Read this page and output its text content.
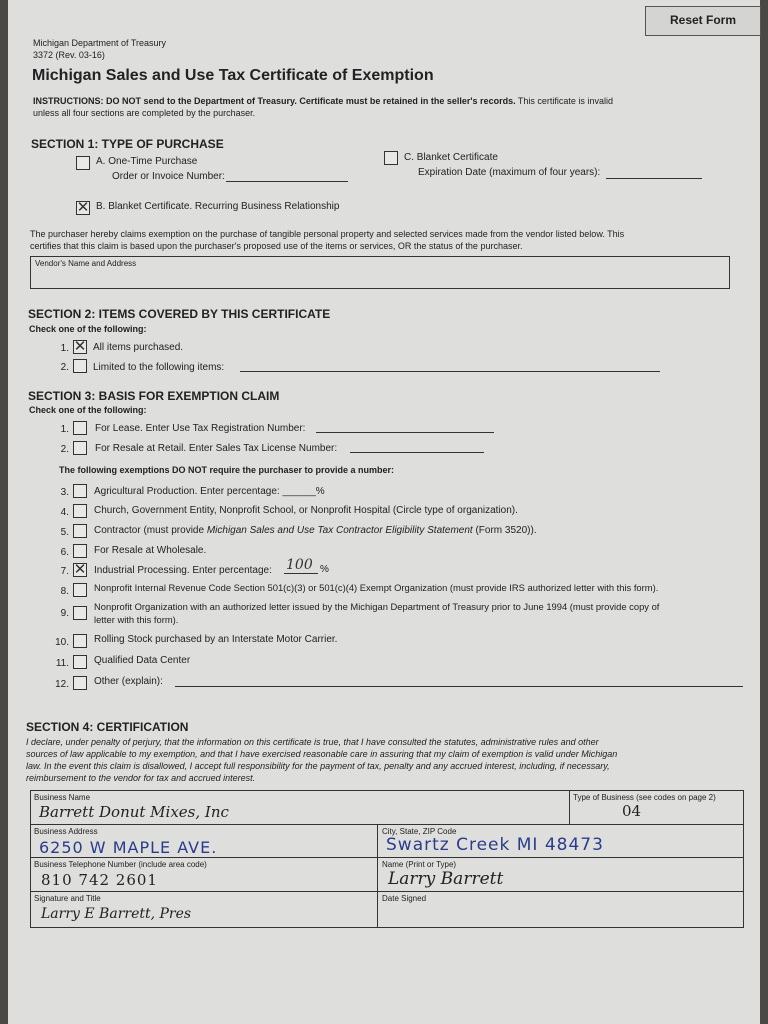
Reset Form
Michigan Department of Treasury
3372 (Rev. 03-16)
Michigan Sales and Use Tax Certificate of Exemption
INSTRUCTIONS: DO NOT send to the Department of Treasury. Certificate must be retained in the seller's records. This certificate is invalid
unless all four sections are completed by the purchaser.
SECTION 1: TYPE OF PURCHASE
A. One-Time Purchase
Order or Invoice Number:
C. Blanket Certificate
Expiration Date (maximum of four years):
✕ B. Blanket Certificate. Recurring Business Relationship
The purchaser hereby claims exemption on the purchase of tangible personal property and selected services made from the vendor listed below. This
certifies that this claim is based upon the purchaser's proposed use of the items or services, OR the status of the purchaser.
Vendor's Name and Address
SECTION 2: ITEMS COVERED BY THIS CERTIFICATE
Check one of the following:
1. ✕ All items purchased.
2. Limited to the following items:
SECTION 3: BASIS FOR EXEMPTION CLAIM
Check one of the following:
1.	For Lease. Enter Use Tax Registration Number:
2.	For Resale at Retail. Enter Sales Tax License Number:
The following exemptions DO NOT require the purchaser to provide a number:
3.	Agricultural Production. Enter percentage: ______%
4.	Church, Government Entity, Nonprofit School, or Nonprofit Hospital (Circle type of organization).
5.	Contractor (must provide Michigan Sales and Use Tax Contractor Eligibility Statement (Form 3520)).
6.	For Resale at Wholesale.
7. ✕ Industrial Processing. Enter percentage: 100 %
8.	Nonprofit Internal Revenue Code Section 501(c)(3) or 501(c)(4) Exempt Organization (must provide IRS authorized letter with this form).
9.
Nonprofit Organization with an authorized letter issued by the Michigan Department of Treasury prior to June 1994 (must provide copy of
letter with this form).
10.	Rolling Stock purchased by an Interstate Motor Carrier.
11.	Qualified Data Center
12.	Other (explain):
SECTION 4: CERTIFICATION
I declare, under penalty of perjury, that the information on this certificate is true, that I have consulted the statutes, administrative rules and other
sources of law applicable to my exemption, and that I have exercised reasonable care in assuring that my claim of exemption is valid under Michigan
law. In the event this claim is disallowed, I accept full responsibility for the payment of tax, penalty and any accrued interest, including, if necessary,
reimbursement to the vendor for tax and accrued interest.
Business Name
Barrett Donut Mixes, Inc
Type of Business (see codes on page 2)
04
Business Address
6250 W MAPLE AVE.
City, State, ZIP Code
Swartz Creek MI 48473
Business Telephone Number (include area code)
810 742 2601
Name (Print or Type)
Larry Barrett
Signature and Title
Larry E Barrett, Pres
Date Signed
